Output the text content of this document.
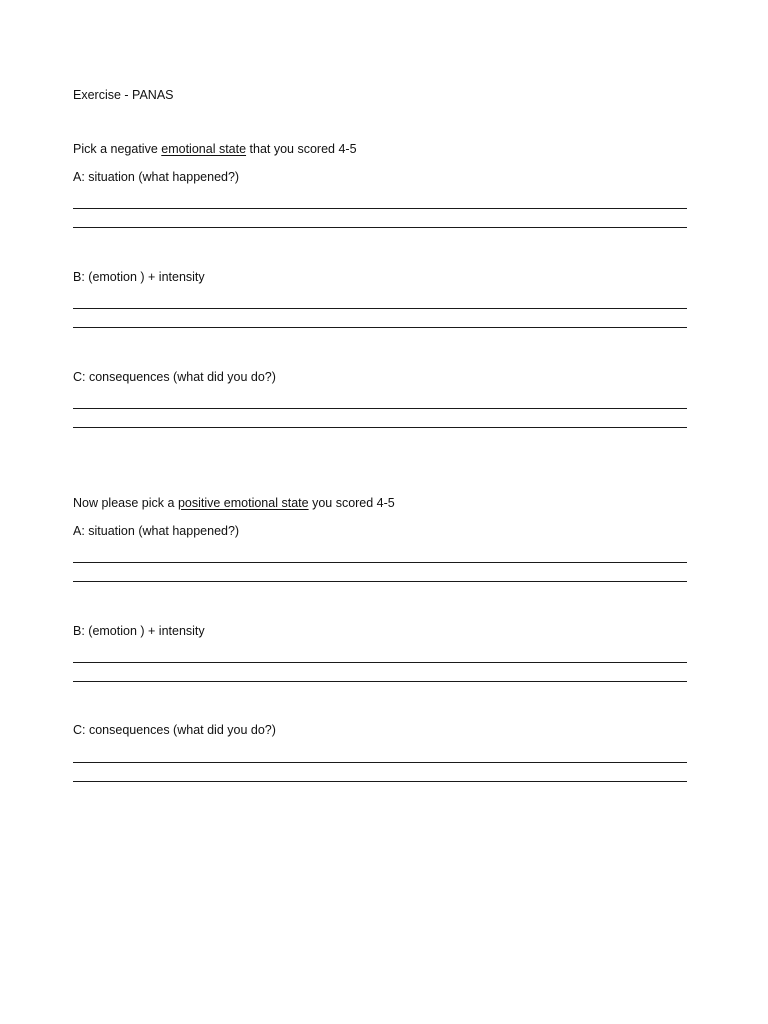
Exercise - PANAS
Pick a negative emotional state that you scored 4-5
A: situation (what happened?)
B: (emotion ) + intensity
C: consequences (what did you do?)
Now please pick a positive emotional state you scored 4-5
A: situation (what happened?)
B: (emotion ) + intensity
C: consequences (what did you do?)
